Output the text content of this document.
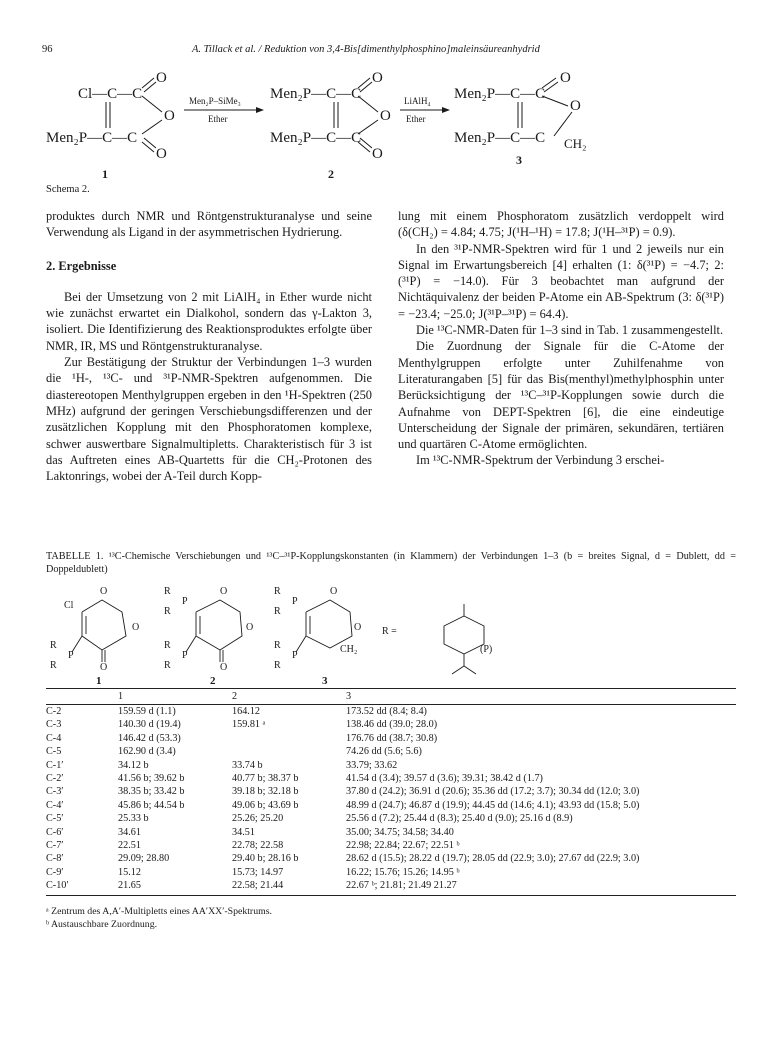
96	A. Tillack et al. / Reduktion von 3,4-Bis[dimenthylphosphino]maleinsäureanhydrid
Cl—C—C
Men₂P—C—C
O
O
O
Men₂P—C—C
Men₂P—C—C
O
O
O
Men₂P—C—C
Men₂P—C—C
O
O
CH₂
Men₂P–SiMe₃
Ether
LiAlH₄
Ether
1	2
3
Schema 2.

produktes durch NMR und Röntgenstrukturanalyse und seine Verwendung als Ligand in der asymmetrischen Hydrierung.

2. Ergebnisse

Bei der Umsetzung von 2 mit LiAlH₄ in Ether wurde nicht wie zunächst erwartet ein Dialkohol, sondern das γ-Lakton 3, isoliert. Die Identifizierung des Reaktionsproduktes erfolgte über NMR, IR, MS und Röntgenstrukturanalyse.

Zur Bestätigung der Struktur der Verbindungen 1–3 wurden die ¹H-, ¹³C- und ³¹P-NMR-Spektren aufgenommen. Die diastereotopen Menthylgruppen ergeben in den ¹H-Spektren (250 MHz) aufgrund der geringen Verschiebungsdifferenzen und der zusätzlichen Kopplung mit den Phosphoratomen komplexe, schwer auswertbare Signalmultipletts. Charakteristisch für 3 ist das Auftreten eines AB-Quartetts für die CH₂-Protonen des Laktonrings, wobei der A-Teil durch Kopp-

lung mit einem Phosphoratom zusätzlich verdoppelt wird (δ(CH₂) = 4.84; 4.75; J(¹H–¹H) = 17.8; J(¹H–³¹P) = 0.9).

In den ³¹P-NMR-Spektren wird für 1 und 2 jeweils nur ein Signal im Erwartungsbereich [4] erhalten (1: δ(³¹P) = −4.7; 2: (³¹P) = −14.0). Für 3 beobachtet man aufgrund der Nichtäquivalenz der beiden P-Atome ein AB-Spektrum (3: δ(³¹P) = −23.4; −25.0; J(³¹P–³¹P) = 64.4).

Die ¹³C-NMR-Daten für 1–3 sind in Tab. 1 zusammengestellt.

Die Zuordnung der Signale für die C-Atome der Menthylgruppen erfolgte unter Zuhilfenahme von Literaturangaben [5] für das Bis(menthyl)methylphosphin unter Berücksichtigung der ¹³C–³¹P-Kopplungen sowie durch die Aufnahme von DEPT-Spektren [6], die eine eindeutige Unterscheidung der Signale der primären, sekundären, tertiären und quartären C-Atome ermöglichten.

Im ¹³C-NMR-Spektrum der Verbindung 3 erschei-

TABELLE 1. ¹³C-Chemische Verschiebungen und ¹³C–³¹P-Kopplungskonstanten (in Klammern) der Verbindungen 1–3 (b = breites Signal, d = Dublett, dd = Doppeldublett)
Cl
O
O
R
P
R	O
R
P
R
O
O
R
P
R	O
R
P
R
O
O
R
P
R
CH₂
R =
(P)
1	2	3
	1	2	3
C-2	159.59 d (1.1)	164.12	173.52 dd (8.4; 8.4)
C-3	140.30 d (19.4)	159.81 ᵃ	138.46 dd (39.0; 28.0)
C-4	146.42 d (53.3)		176.76 dd (38.7; 30.8)
C-5	162.90 d (3.4)		74.26 dd (5.6; 5.6)
C-1′	34.12 b	33.74 b	33.79; 33.62
C-2′	41.56 b; 39.62 b	40.77 b; 38.37 b	41.54 d (3.4); 39.57 d (3.6); 39.31; 38.42 d (1.7)
C-3′	38.35 b; 33.42 b	39.18 b; 32.18 b	37.80 d (24.2); 36.91 d (20.6); 35.36 dd (17.2; 3.7); 30.34 dd (12.0; 3.0)
C-4′	45.86 b; 44.54 b	49.06 b; 43.69 b	48.99 d (24.7); 46.87 d (19.9); 44.45 dd (14.6; 4.1); 43.93 dd (15.8; 5.0)
C-5′	25.33 b	25.26; 25.20	25.56 d (7.2); 25.44 d (8.3); 25.40 d (9.0); 25.16 d (8.9)
C-6′	34.61	34.51	35.00; 34.75; 34.58; 34.40
C-7′	22.51	22.78; 22.58	22.98; 22.84; 22.67; 22.51 ᵇ
C-8′	29.09; 28.80	29.40 b; 28.16 b	28.62 d (15.5); 28.22 d (19.7); 28.05 dd (22.9; 3.0); 27.67 dd (22.9; 3.0)
C-9′	15.12	15.73; 14.97	16.22; 15.76; 15.26; 14.95 ᵇ
C-10′	21.65	22.58; 21.44	22.67 ᵇ; 21.81; 21.49 21.27
ᵃ Zentrum des A,A′-Multipletts eines AA′XX′-Spektrums.
ᵇ Austauschbare Zuordnung.
